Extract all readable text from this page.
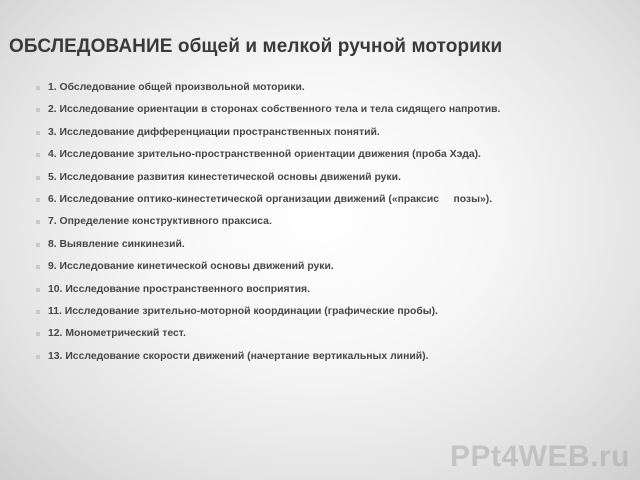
ОБСЛЕДОВАНИЕ общей и мелкой ручной моторики
1. Обследование общей произвольной моторики.
2. Исследование ориентации в сторонах собственного тела и тела сидящего напротив.
3. Исследование дифференциации пространственных понятий.
4. Исследование зрительно-пространственной ориентации движения (проба Хэда).
5. Исследование развития кинестетической основы движений руки.
6. Исследование оптико-кинестетической организации движений («праксис     позы»).
7. Определение конструктивного праксиса.
8. Выявление синкинезий.
9. Исследование кинетической основы движений руки.
10. Исследование пространственного восприятия.
11. Исследование зрительно-моторной координации (графические пробы).
12. Монометрический тест.
13. Исследование скорости движений (начертание вертикальных линий).
PPt4WEB.ru
